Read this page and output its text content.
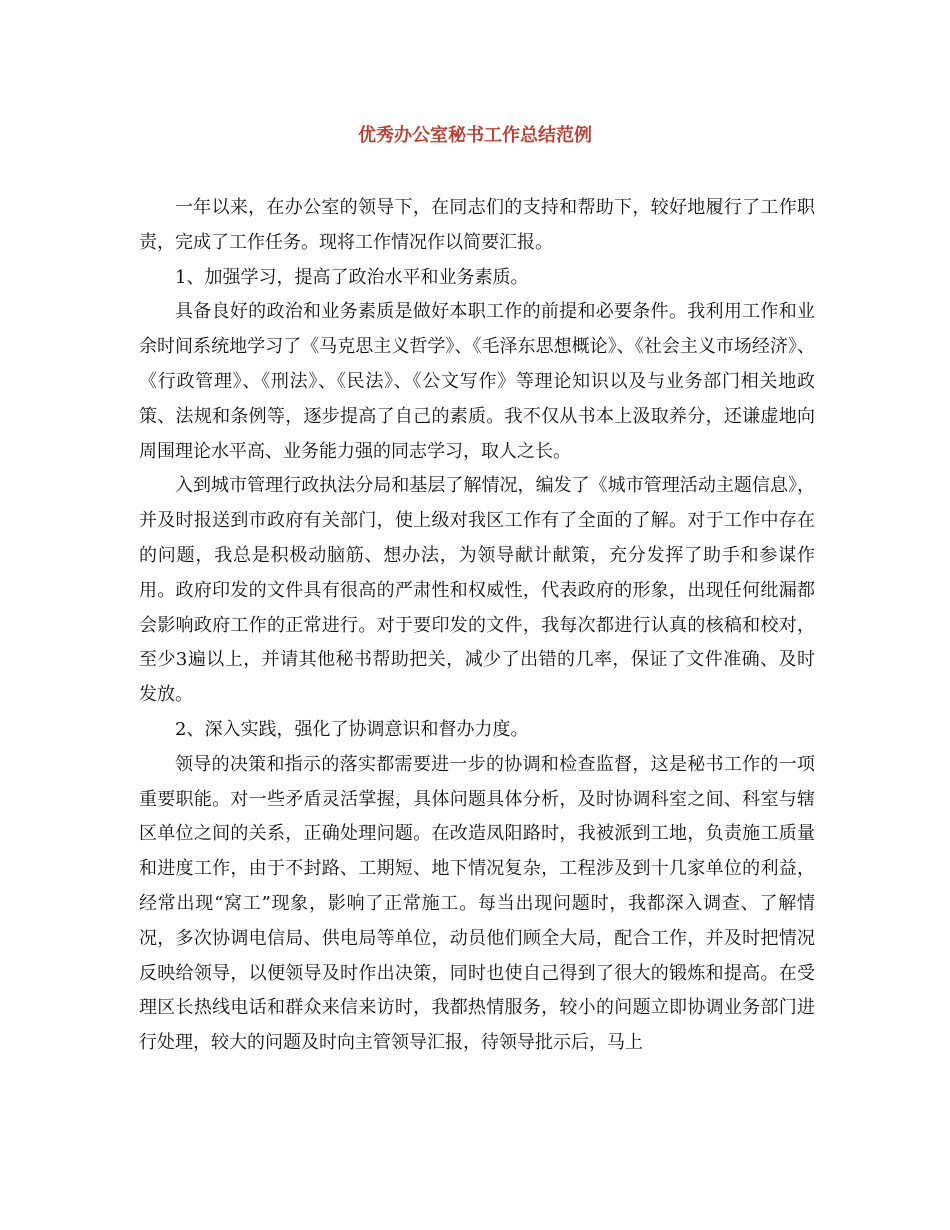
优秀办公室秘书工作总结范例

一年以来，在办公室的领导下，在同志们的支持和帮助下，较好地履行了工作职责，完成了工作任务。现将工作情况作以简要汇报。

1、加强学习，提高了政治水平和业务素质。

具备良好的政治和业务素质是做好本职工作的前提和必要条件。我利用工作和业余时间系统地学习了《马克思主义哲学》、《毛泽东思想概论》、《社会主义市场经济》、《行政管理》、《刑法》、《民法》、《公文写作》等理论知识以及与业务部门相关地政策、法规和条例等，逐步提高了自己的素质。我不仅从书本上汲取养分，还谦虚地向周围理论水平高、业务能力强的同志学习，取人之长。

入到城市管理行政执法分局和基层了解情况，编发了《城市管理活动主题信息》，并及时报送到市政府有关部门，使上级对我区工作有了全面的了解。对于工作中存在的问题，我总是积极动脑筋、想办法，为领导献计献策，充分发挥了助手和参谋作用。政府印发的文件具有很高的严肃性和权威性，代表政府的形象，出现任何纰漏都会影响政府工作的正常进行。对于要印发的文件，我每次都进行认真的核稿和校对，至少3遍以上，并请其他秘书帮助把关，减少了出错的几率，保证了文件准确、及时发放。

2、深入实践，强化了协调意识和督办力度。

领导的决策和指示的落实都需要进一步的协调和检查监督，这是秘书工作的一项重要职能。对一些矛盾灵活掌握，具体问题具体分析，及时协调科室之间、科室与辖区单位之间的关系，正确处理问题。在改造凤阳路时，我被派到工地，负责施工质量和进度工作，由于不封路、工期短、地下情况复杂，工程涉及到十几家单位的利益，经常出现“窝工”现象，影响了正常施工。每当出现问题时，我都深入调查、了解情况，多次协调电信局、供电局等单位，动员他们顾全大局，配合工作，并及时把情况反映给领导，以便领导及时作出决策，同时也使自己得到了很大的锻炼和提高。在受理区长热线电话和群众来信来访时，我都热情服务，较小的问题立即协调业务部门进行处理，较大的问题及时向主管领导汇报，待领导批示后，马上
